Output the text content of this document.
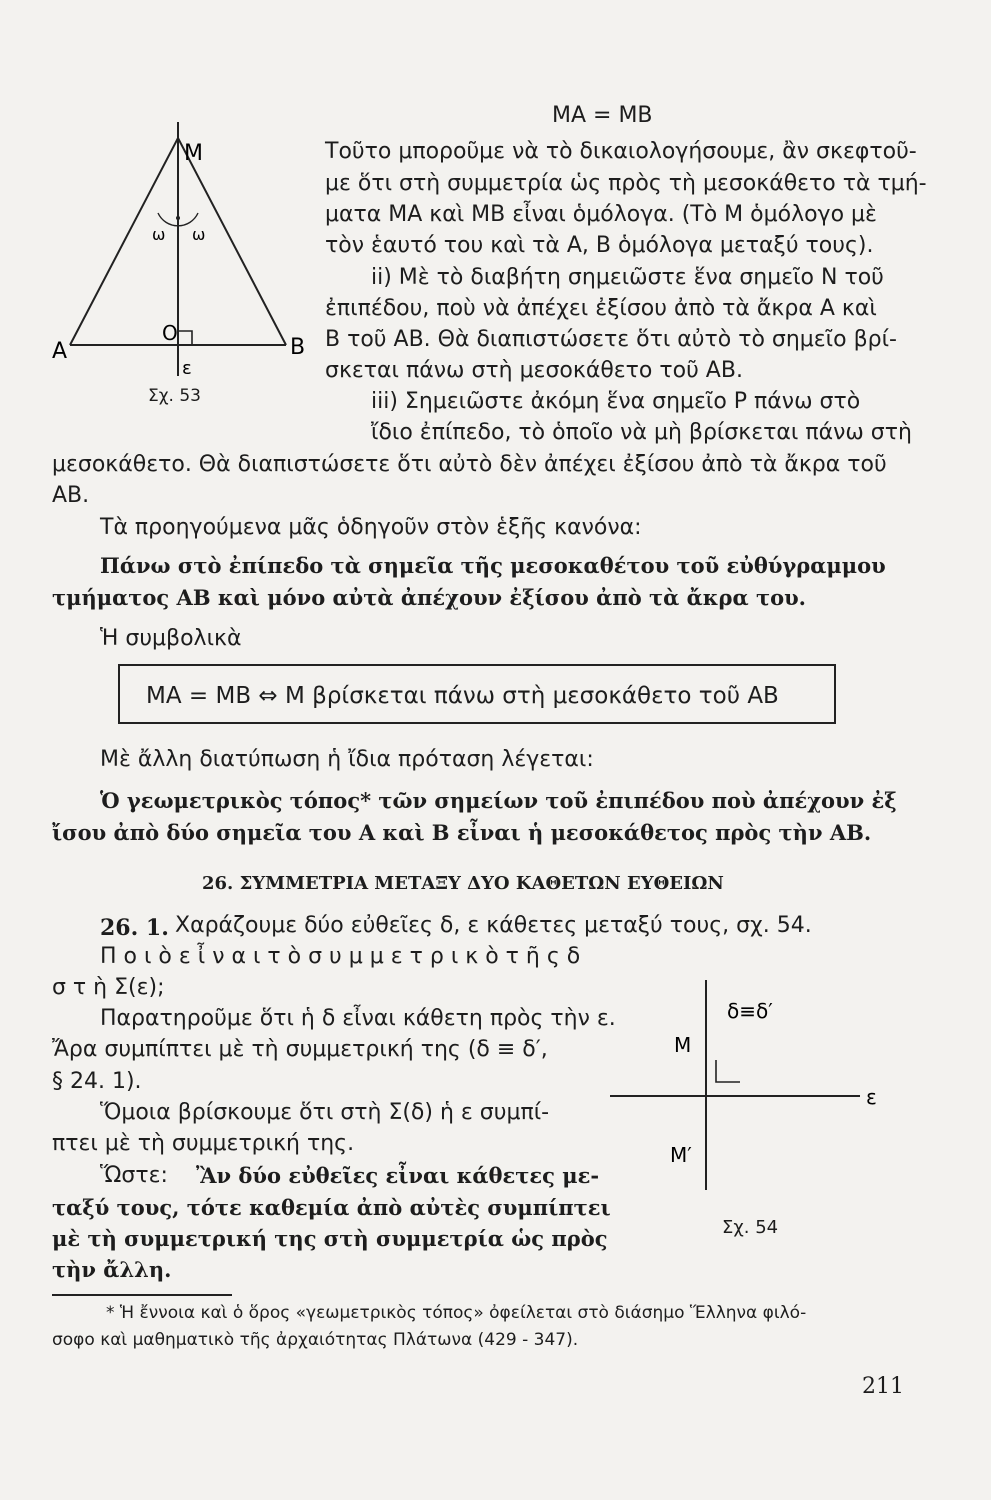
MA = MB
ω ω
M
A	B
O
ε
Σχ. 53
Τοῦτο μποροῦμε νὰ τὸ δικαιολογήσουμε, ἂν σκεφτοῦ-
με ὅτι στὴ συμμετρία ὡς πρὸς τὴ μεσοκάθετο τὰ τμή-
ματα MA καὶ MB εἶναι ὁμόλογα. (Τὸ M ὁμόλογο μὲ
τὸν ἑαυτό του καὶ τὰ A, B ὁμόλογα μεταξύ τους).
ii) Μὲ τὸ διαβήτη σημειῶστε ἕνα σημεῖο N τοῦ
ἐπιπέδου, ποὺ νὰ ἀπέχει ἐξίσου ἀπὸ τὰ ἄκρα A καὶ
B τοῦ AB. Θὰ διαπιστώσετε ὅτι αὐτὸ τὸ σημεῖο βρί-
σκεται πάνω στὴ μεσοκάθετο τοῦ AB.
iii) Σημειῶστε ἀκόμη ἕνα σημεῖο P πάνω στὸ
ἴδιο ἐπίπεδο, τὸ ὁποῖο νὰ μὴ βρίσκεται πάνω στὴ
μεσοκάθετο. Θὰ διαπιστώσετε ὅτι αὐτὸ δὲν ἀπέχει ἐξίσου ἀπὸ τὰ ἄκρα τοῦ
AB.
Τὰ προηγούμενα μᾶς ὁδηγοῦν στὸν ἑξῆς κανόνα:
Πάνω στὸ ἐπίπεδο τὰ σημεῖα τῆς μεσοκαθέτου τοῦ εὐθύγραμμου
τμήματος AB καὶ μόνο αὐτὰ ἀπέχουν ἐξίσου ἀπὸ τὰ ἄκρα του.
Ἡ συμβολικὰ
MA = MB ⇔ M βρίσκεται πάνω στὴ μεσοκάθετο τοῦ AB
Μὲ ἄλλη διατύπωση ἡ ἴδια πρόταση λέγεται:
Ὁ γεωμετρικὸς τόπος* τῶν σημείων τοῦ ἐπιπέδου ποὺ ἀπέχουν ἐξ
ἴσου ἀπὸ δύο σημεῖα του A καὶ B εἶναι ἡ μεσοκάθετος πρὸς τὴν AB.
26. ΣΥΜΜΕΤΡΙΑ ΜΕΤΑΞΥ ΔΥΟ ΚΑΘΕΤΩΝ ΕΥΘΕΙΩΝ
26. 1. Χαράζουμε δύο εὐθεῖες δ, ε κάθετες μεταξύ τους, σχ. 54.
Π ο ι ὸ ε ἶ ν α ι τ ὸ σ υ μ μ ε τ ρ ι κ ὸ τ ῆ ς δ
σ τ ὴ Σ(ε);
Παρατηροῦμε ὅτι ἡ δ εἶναι κάθετη πρὸς τὴν ε.
Ἄρα συμπίπτει μὲ τὴ συμμετρική της (δ ≡ δ′,
§ 24. 1).
Ὅμοια βρίσκουμε ὅτι στὴ Σ(δ) ἡ ε συμπί-
πτει μὲ τὴ συμμετρική της.
Ὥστε: Ἂν δύο εὐθεῖες εἶναι κάθετες με-
ταξύ τους, τότε καθεμία ἀπὸ αὐτὲς συμπίπτει
μὲ τὴ συμμετρική της στὴ συμμετρία ὡς πρὸς
τὴν ἄλλη.
δ≡δ′
M
M′
ε
Σχ. 54
* Ἡ ἔννοια καὶ ὁ ὅρος «γεωμετρικὸς τόπος» ὀφείλεται στὸ διάσημο Ἕλληνα φιλό-
σοφο καὶ μαθηματικὸ τῆς ἀρχαιότητας Πλάτωνα (429 - 347).
211
